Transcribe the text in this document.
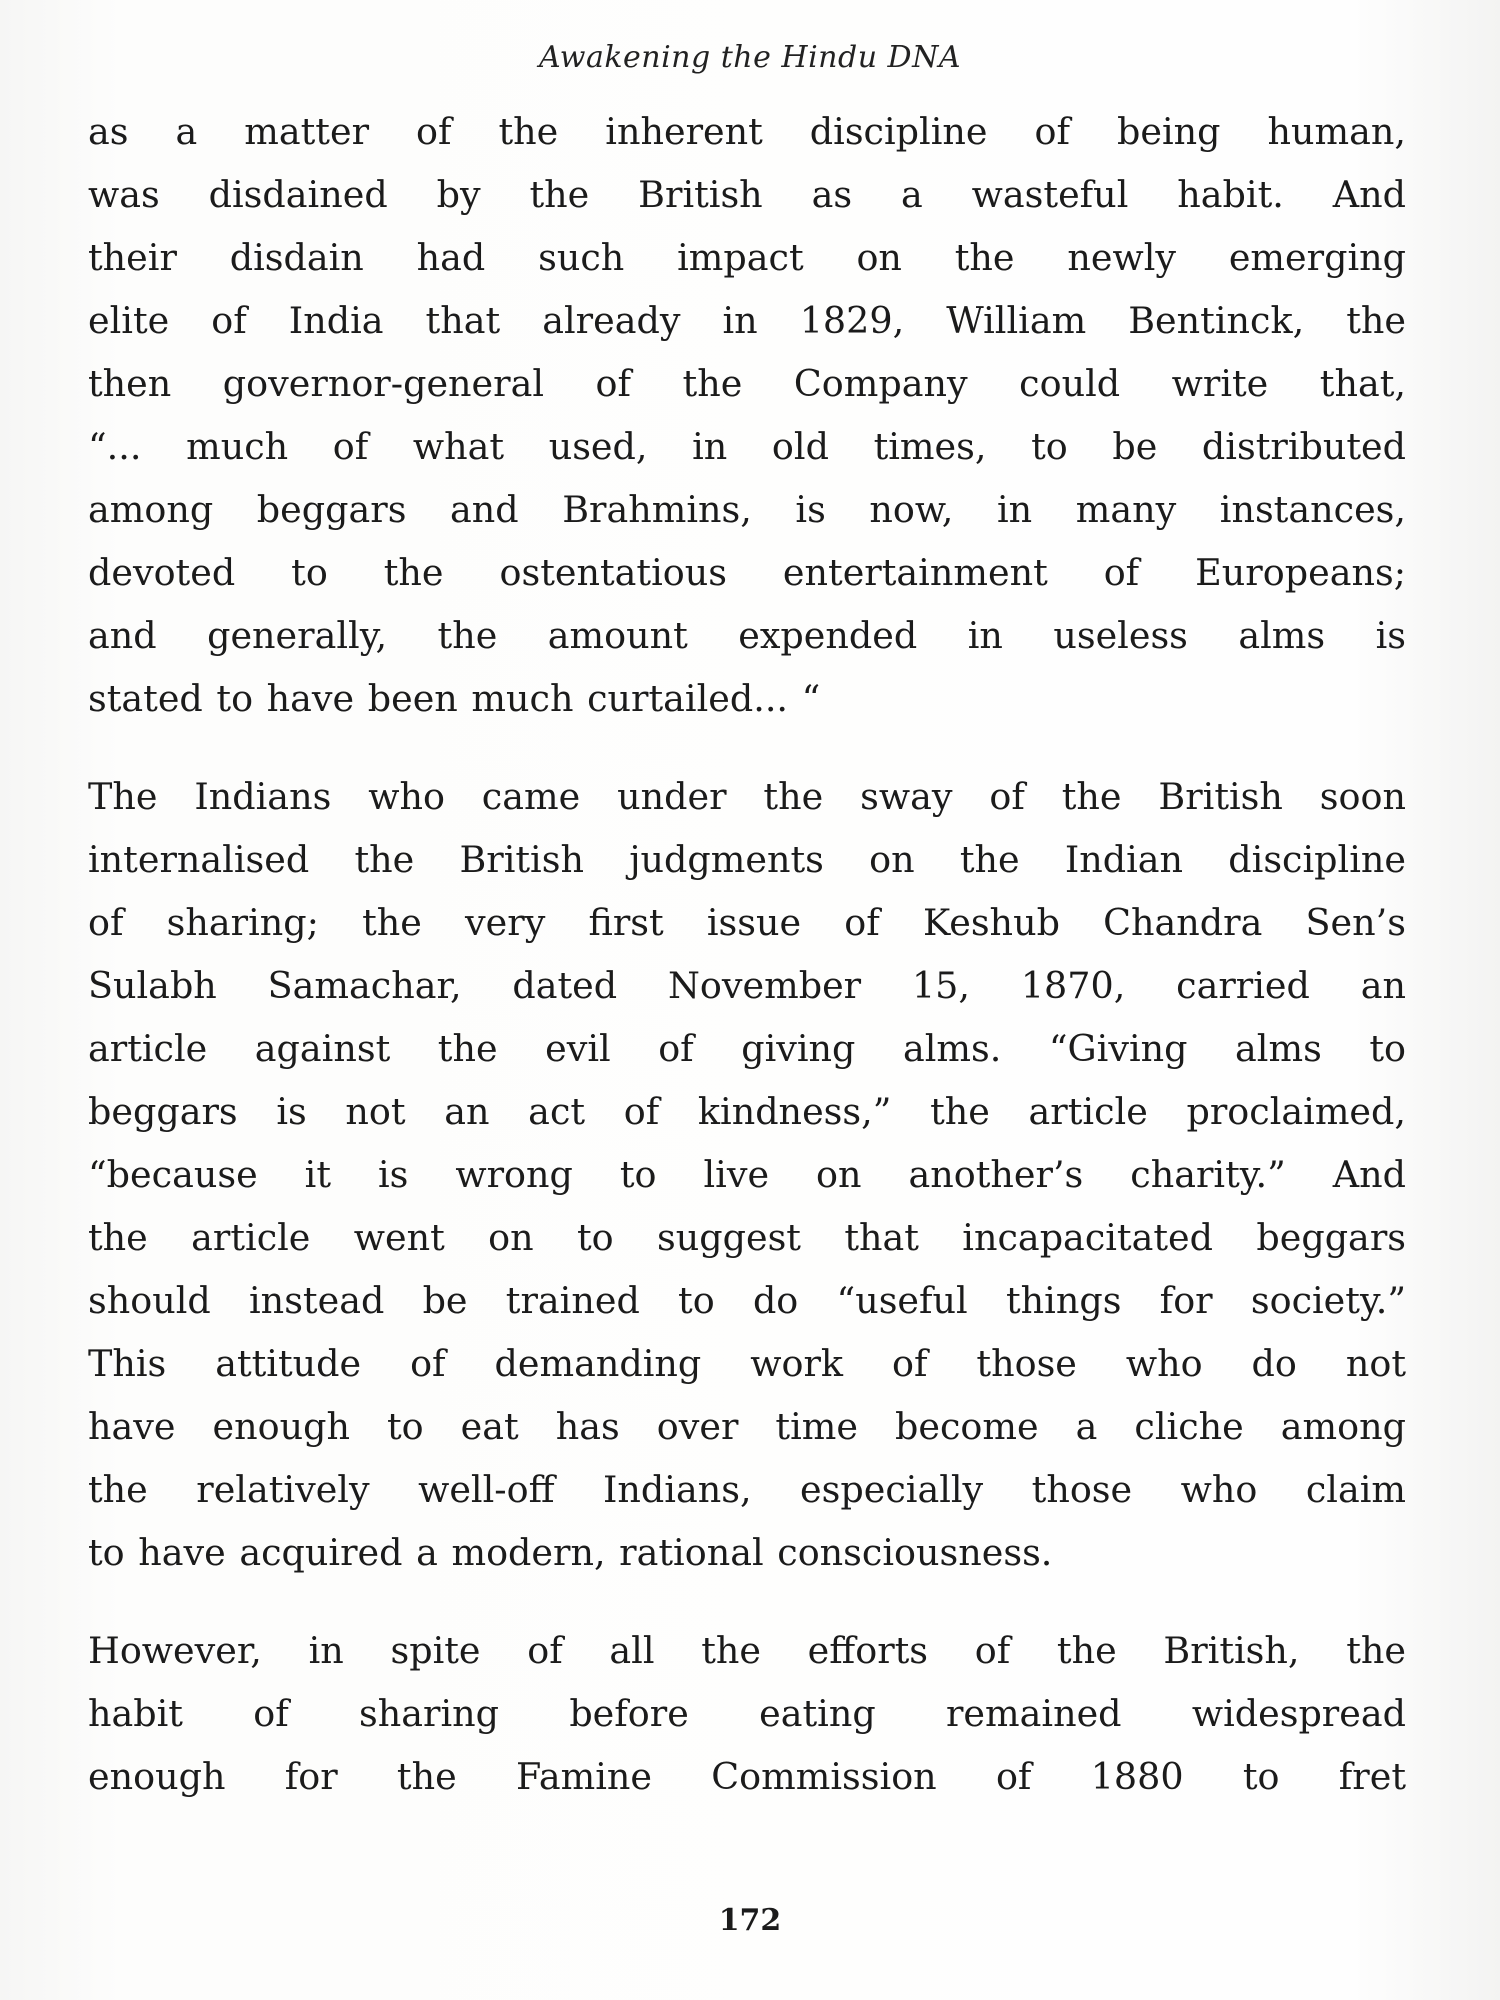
Awakening the Hindu DNA

as a matter of the inherent discipline of being human,
was disdained by the British as a wasteful habit. And
their disdain had such impact on the newly emerging
elite of India that already in 1829, William Bentinck, the
then governor-general of the Company could write that,
“... much of what used, in old times, to be distributed
among beggars and Brahmins, is now, in many instances,
devoted to the ostentatious entertainment of Europeans;
and generally, the amount expended in useless alms is
stated to have been much curtailed... “

The Indians who came under the sway of the British soon
internalised the British judgments on the Indian discipline
of sharing; the very first issue of Keshub Chandra Sen’s
Sulabh Samachar, dated November 15, 1870, carried an
article against the evil of giving alms. “Giving alms to
beggars is not an act of kindness,” the article proclaimed,
“because it is wrong to live on another’s charity.” And
the article went on to suggest that incapacitated beggars
should instead be trained to do “useful things for society.”
This attitude of demanding work of those who do not
have enough to eat has over time become a cliche among
the relatively well-off Indians, especially those who claim
to have acquired a modern, rational consciousness.

However, in spite of all the efforts of the British, the
habit of sharing before eating remained widespread
enough for the Famine Commission of 1880 to fret

172
